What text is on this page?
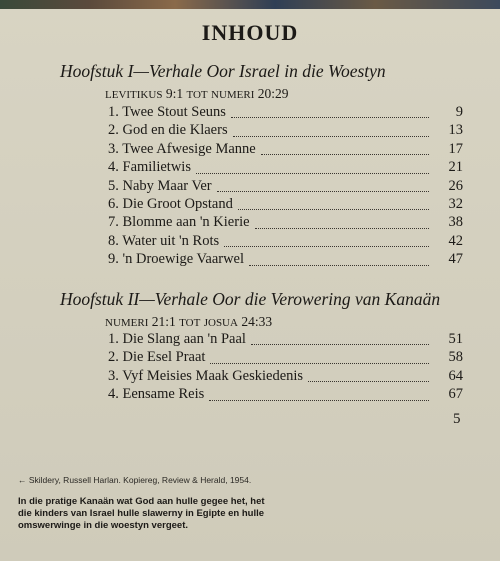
INHOUD
Hoofstuk I—Verhale Oor Israel in die Woestyn
LEVITIKUS 9:1 TOT NUMERI 20:29
1. Twee Stout Seuns	9
2. God en die Klaers	13
3. Twee Afwesige Manne	17
4. Familietwis	21
5. Naby Maar Ver	26
6. Die Groot Opstand	32
7. Blomme aan 'n Kierie	38
8. Water uit 'n Rots	42
9. 'n Droewige Vaarwel	47
Hoofstuk II—Verhale Oor die Verowering van Kanaän
NUMERI 21:1 TOT JOSUA 24:33
1. Die Slang aan 'n Paal	51
2. Die Esel Praat	58
3. Vyf Meisies Maak Geskiedenis	64
4. Eensame Reis	67
5
← Skildery, Russell Harlan. Kopiereg, Review & Herald, 1954.
In die pratige Kanaän wat God aan hulle gegee het, het die kinders van Israel hulle slawerny in Egipte en hulle omswerwinge in die woestyn vergeet.
